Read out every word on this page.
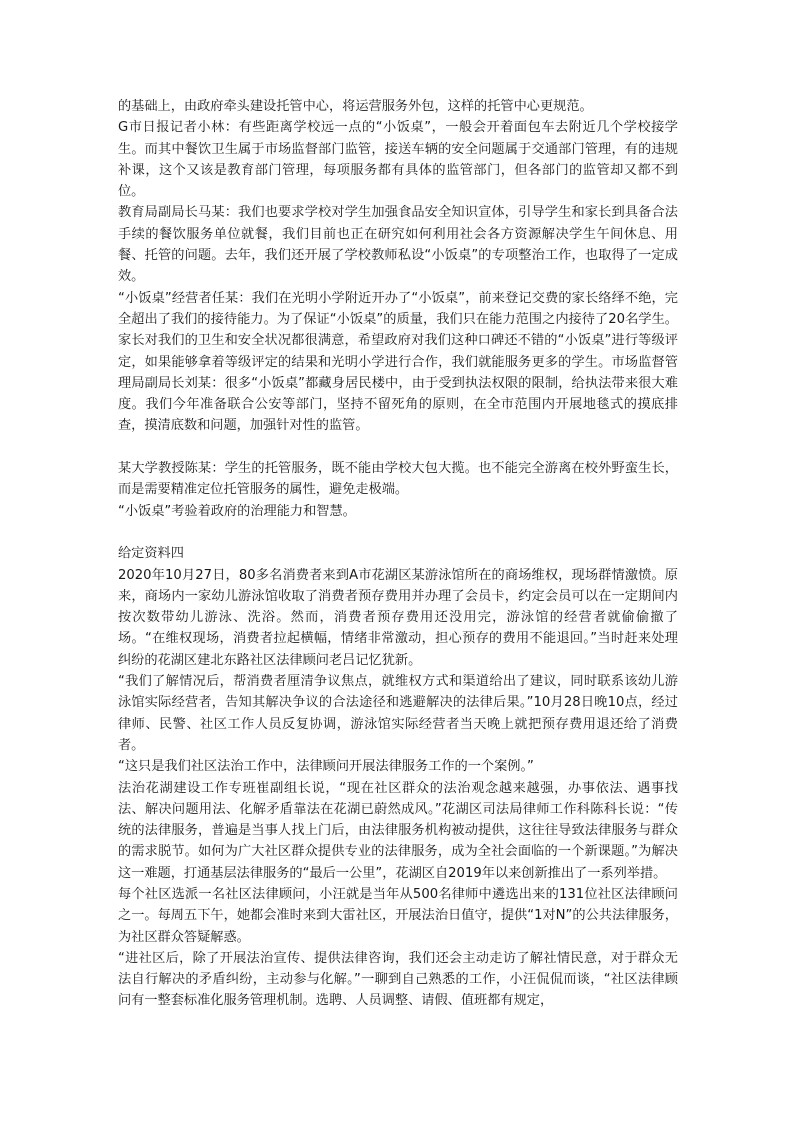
的基础上，由政府牵头建设托管中心，将运营服务外包，这样的托管中心更规范。

G市日报记者小林：有些距离学校远一点的“小饭桌”，一般会开着面包车去附近几个学校接学生。而其中餐饮卫生属于市场监督部门监管，接送车辆的安全问题属于交通部门管理，有的违规补课，这个又该是教育部门管理，每项服务都有具体的监管部门，但各部门的监管却又都不到位。

教育局副局长马某：我们也要求学校对学生加强食品安全知识宣体，引导学生和家长到具备合法手续的餐饮服务单位就餐，我们目前也正在研究如何利用社会各方资源解决学生午间休息、用餐、托管的问题。去年，我们还开展了学校教师私设“小饭桌”的专项整治工作，也取得了一定成效。

“小饭桌”经营者任某：我们在光明小学附近开办了“小饭桌”，前来登记交费的家长络绎不绝，完全超出了我们的接待能力。为了保证“小饭桌”的质量，我们只在能力范围之内接待了20名学生。家长对我们的卫生和安全状况都很满意，希望政府对我们这种口碑还不错的“小饭桌”进行等级评定，如果能够拿着等级评定的结果和光明小学进行合作，我们就能服务更多的学生。市场监督管理局副局长刘某：很多“小饭桌”都藏身居民楼中，由于受到执法权限的限制，给执法带来很大难度。我们今年准备联合公安等部门，坚持不留死角的原则，在全市范围内开展地毯式的摸底排查，摸清底数和问题，加强针对性的监管。

某大学教授陈某：学生的托管服务，既不能由学校大包大揽。也不能完全游离在校外野蛮生长，而是需要精准定位托管服务的属性，避免走极端。

“小饭桌”考验着政府的治理能力和智慧。

给定资料四

2020年10月27日，80多名消费者来到A市花湖区某游泳馆所在的商场维权，现场群情激愤。原来，商场内一家幼儿游泳馆收取了消费者预存费用并办理了会员卡，约定会员可以在一定期间内按次数带幼儿游泳、洗浴。然而，消费者预存费用还没用完，游泳馆的经营者就偷偷撤了场。“在维权现场，消费者拉起横幅，情绪非常激动，担心预存的费用不能退回。”当时赶来处理纠纷的花湖区建北东路社区法律顾问老吕记忆犹新。

“我们了解情况后，帮消费者厘清争议焦点，就维权方式和渠道给出了建议，同时联系该幼儿游泳馆实际经营者，告知其解决争议的合法途径和逃避解决的法律后果。”10月28日晚10点，经过律师、民警、社区工作人员反复协调，游泳馆实际经营者当天晚上就把预存费用退还给了消费者。

“这只是我们社区法治工作中，法律顾问开展法律服务工作的一个案例。”

法治花湖建设工作专班崔副组长说，“现在社区群众的法治观念越来越强，办事依法、遇事找法、解决问题用法、化解矛盾靠法在花湖已蔚然成风。”花湖区司法局律师工作科陈科长说：“传统的法律服务，普遍是当事人找上门后，由法律服务机构被动提供，这往往导致法律服务与群众的需求脱节。如何为广大社区群众提供专业的法律服务，成为全社会面临的一个新课题。”为解决这一难题，打通基层法律服务的“最后一公里”，花湖区自2019年以来创新推出了一系列举措。

每个社区选派一名社区法律顾问，小汪就是当年从500名律师中遴选出来的131位社区法律顾问之一。每周五下午，她都会准时来到大雷社区，开展法治日值守，提供“1对N”的公共法律服务，为社区群众答疑解惑。

“进社区后，除了开展法治宣传、提供法律咨询，我们还会主动走访了解社情民意，对于群众无法自行解决的矛盾纠纷，主动参与化解。”一聊到自己熟悉的工作，小汪侃侃而谈，“社区法律顾问有一整套标准化服务管理机制。选聘、人员调整、请假、值班都有规定，
